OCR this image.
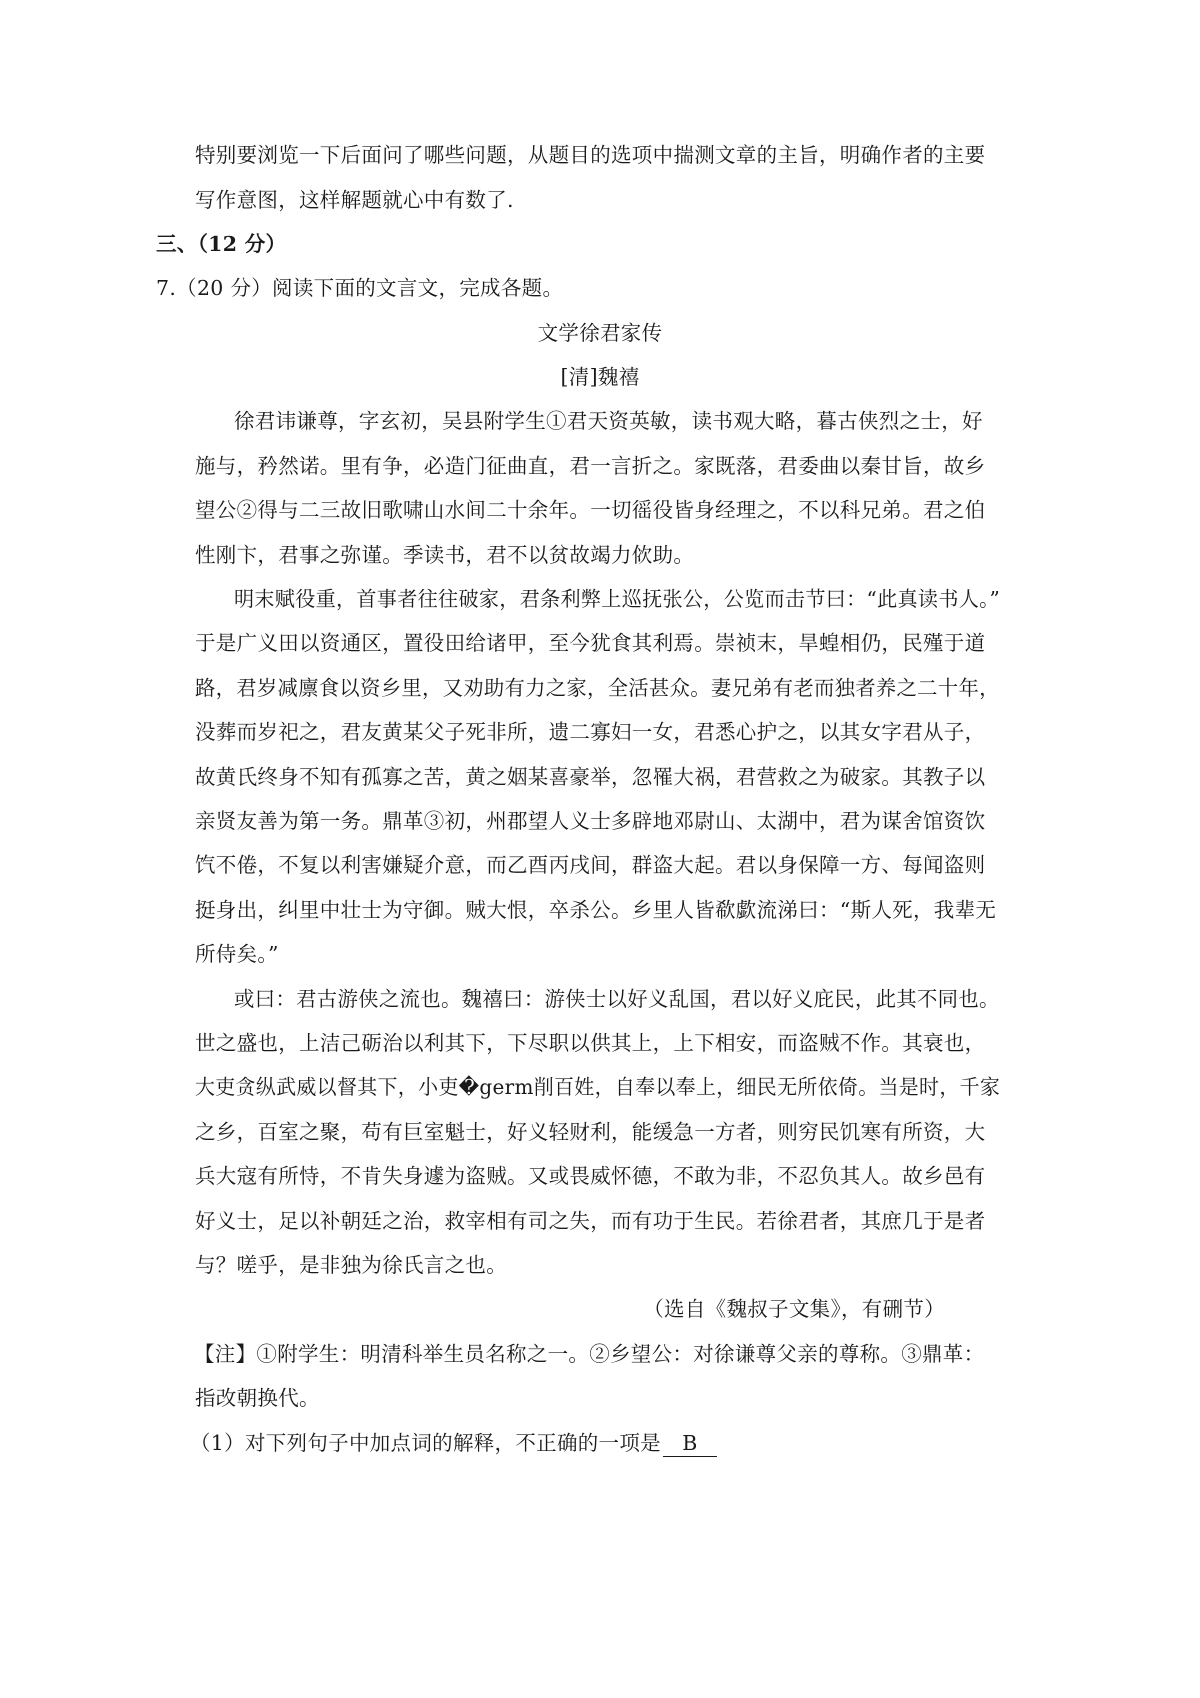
特别要浏览一下后面问了哪些问题，从题目的选项中揣测文章的主旨，明确作者的主要

写作意图，这样解题就心中有数了.

三、（12 分）

7.（20 分）阅读下面的文言文，完成各题。

文学徐君家传

[清]魏禧

徐君讳谦尊，字玄初，吴县附学生①君天资英敏，读书观大略，暮古侠烈之士，好

施与，矜然诺。里有争，必造门征曲直，君一言折之。家既落，君委曲以秦甘旨，故乡

望公②得与二三故旧歌啸山水间二十余年。一切徭役皆身经理之，不以科兄弟。君之伯

性刚卞，君事之弥谨。季读书，君不以贫故竭力佽助。

明末赋役重，首事者往往破家，君条利弊上巡抚张公，公览而击节曰：“此真读书人。”

于是广义田以资通区，置役田给诸甲，至今犹食其利焉。崇祯末，旱蝗相仍，民殣于道

路，君岁减廪食以资乡里，又劝助有力之家，全活甚众。妻兄弟有老而独者养之二十年，

没葬而岁祀之，君友黄某父子死非所，遗二寡妇一女，君悉心护之，以其女字君从子，

故黄氏终身不知有孤寡之苦，黄之姻某喜豪举，忽罹大祸，君营救之为破家。其教子以

亲贤友善为第一务。鼎革③初，州郡望人义士多辟地邓尉山、太湖中，君为谋舍馆资饮

饩不倦，不复以利害嫌疑介意，而乙酉丙戌间，群盗大起。君以身保障一方、每闻盗则

挺身出，纠里中壮士为守御。贼大恨，卒杀公。乡里人皆欷歔流涕曰：“斯人死，我辈无

所侍矣。”

或曰：君古游侠之流也。魏禧曰：游侠士以好义乱国，君以好义庇民，此其不同也。

世之盛也，上洁己砺治以利其下，下尽职以供其上，上下相安，而盗贼不作。其衰也，

大吏贪纵武威以督其下，小吏�germ削百姓，自奉以奉上，细民无所依倚。当是时，千家

之乡，百室之聚，苟有巨室魁士，好义轻财利，能缓急一方者，则穷民饥寒有所资，大

兵大寇有所恃，不肯失身遽为盗贼。又或畏威怀德，不敢为非，不忍负其人。故乡邑有

好义士，足以补朝廷之治，救宰相有司之失，而有功于生民。若徐君者，其庶几于是者

与？嗟乎，是非独为徐氏言之也。

（选自《魏叔子文集》，有硎节）

【注】①附学生：明清科举生员名称之一。②乡望公：对徐谦尊父亲的尊称。③鼎革：

指改朝换代。

（1）对下列句子中加点词的解释，不正确的一项是 B
